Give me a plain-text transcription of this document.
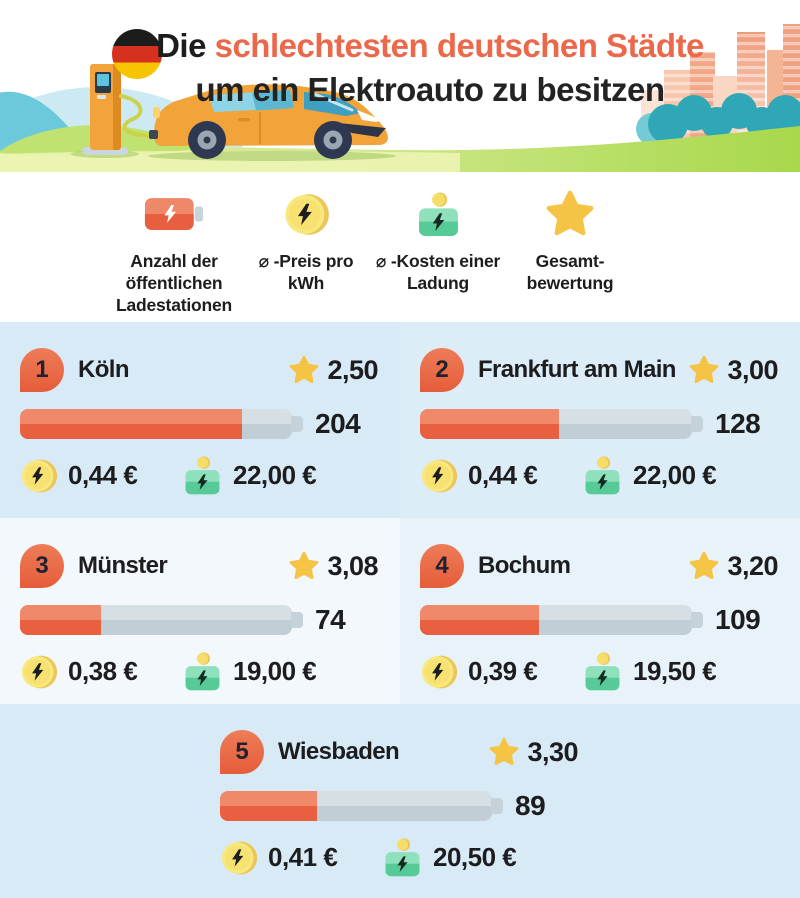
Die schlechtesten deutschen Städte
um ein Elektroauto zu besitzen
Anzahl der öffentlichen Ladestationen
⌀ -Preis pro kWh
⌀ -Kosten einer Ladung
Gesamt-bewertung
1 Köln	2,50
204
0,44 €	22,00 €
2 Frankfurt am Main 3,00
128
0,44 €	22,00 €
3 Münster	3,08
74
0,38 €	19,00 €
4 Bochum	3,20
109
0,39 €	19,50 €
5 Wiesbaden	3,30
89
0,41 €	20,50 €
